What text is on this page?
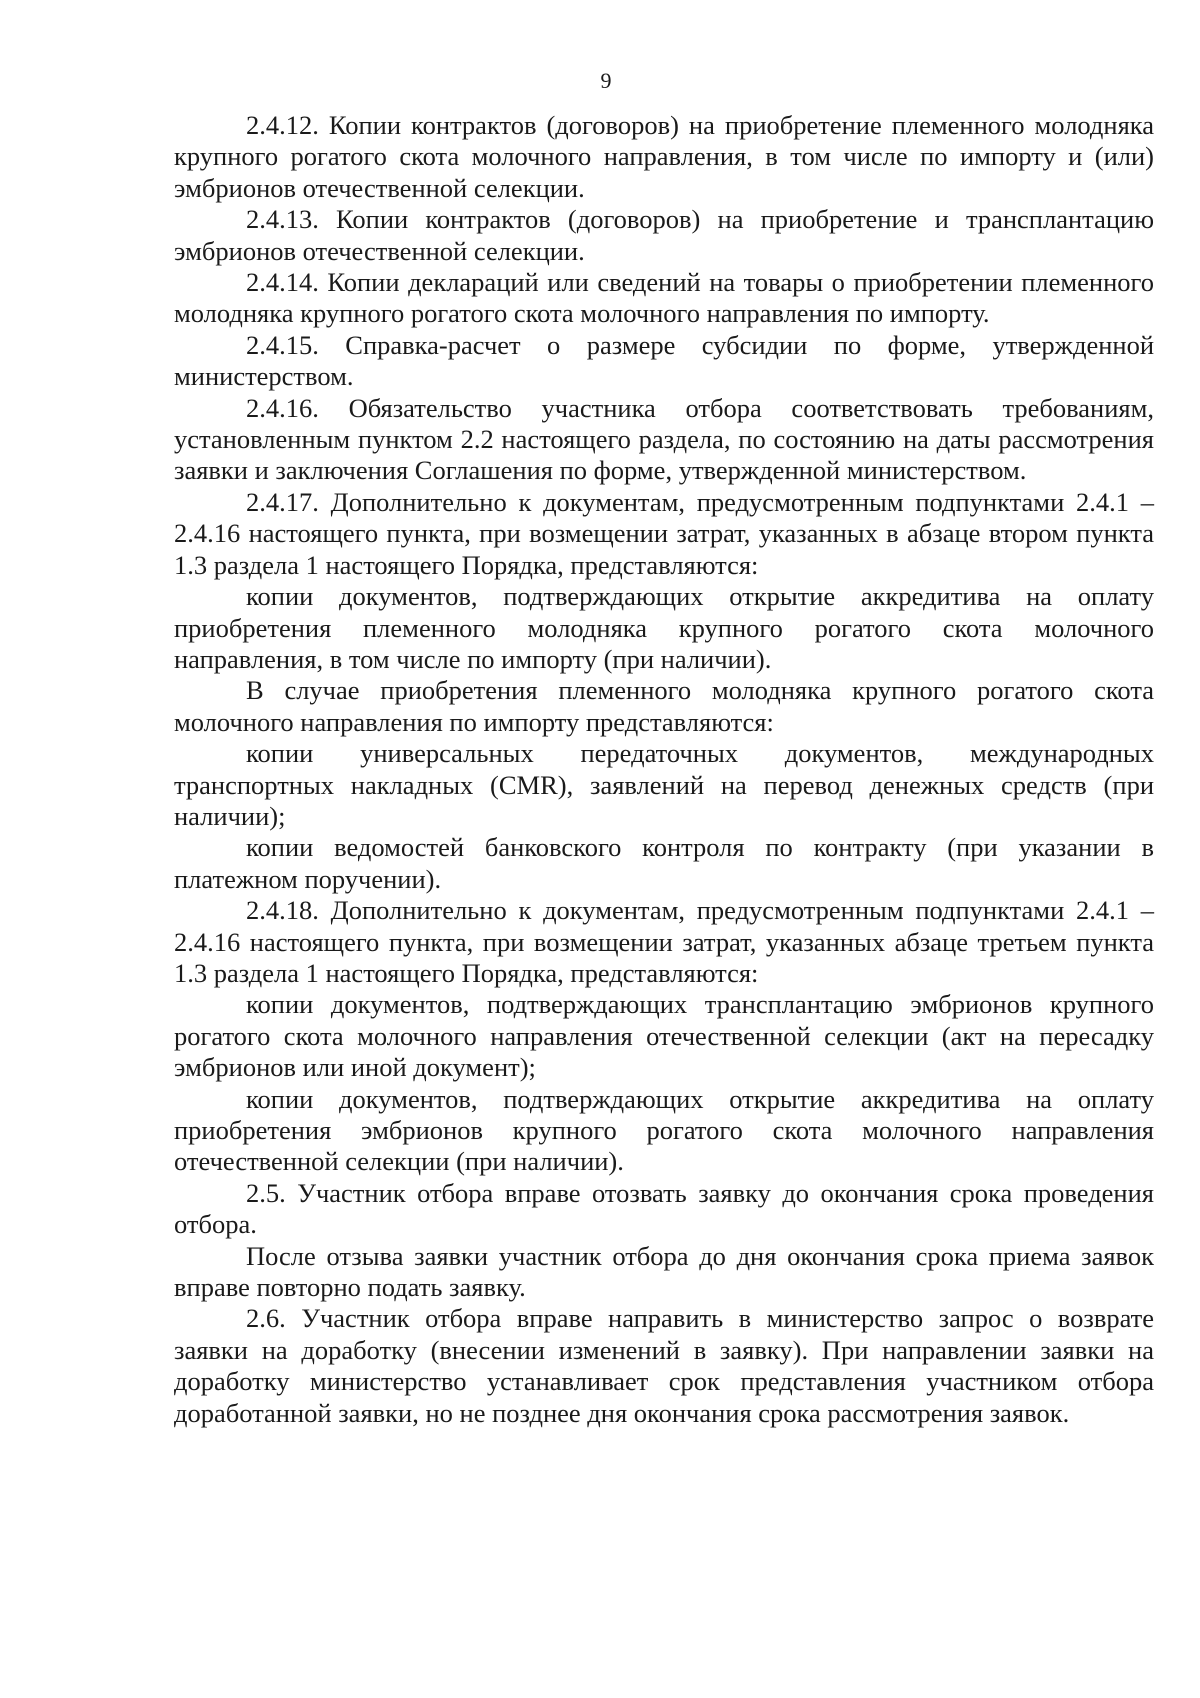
9

2.4.12. Копии контрактов (договоров) на приобретение племенного молодняка крупного рогатого скота молочного направления, в том числе по импорту и (или) эмбрионов отечественной селекции.

2.4.13. Копии контрактов (договоров) на приобретение и трансплантацию эмбрионов отечественной селекции.

2.4.14. Копии деклараций или сведений на товары о приобретении племенного молодняка крупного рогатого скота молочного направления по импорту.

2.4.15. Справка-расчет о размере субсидии по форме, утвержденной министерством.

2.4.16. Обязательство участника отбора соответствовать требованиям, установленным пунктом 2.2 настоящего раздела, по состоянию на даты рассмотрения заявки и заключения Соглашения по форме, утвержденной министерством.

2.4.17. Дополнительно к документам, предусмотренным подпунктами 2.4.1 – 2.4.16 настоящего пункта, при возмещении затрат, указанных в абзаце втором пункта 1.3 раздела 1 настоящего Порядка, представляются:

копии документов, подтверждающих открытие аккредитива на оплату приобретения племенного молодняка крупного рогатого скота молочного направления, в том числе по импорту (при наличии).

В случае приобретения племенного молодняка крупного рогатого скота молочного направления по импорту представляются:

копии универсальных передаточных документов, международных транспортных накладных (CMR), заявлений на перевод денежных средств (при наличии);

копии ведомостей банковского контроля по контракту (при указании в платежном поручении).

2.4.18. Дополнительно к документам, предусмотренным подпунктами 2.4.1 – 2.4.16 настоящего пункта, при возмещении затрат, указанных абзаце третьем пункта 1.3 раздела 1 настоящего Порядка, представляются:

копии документов, подтверждающих трансплантацию эмбрионов крупного рогатого скота молочного направления отечественной селекции (акт на пересадку эмбрионов или иной документ);

копии документов, подтверждающих открытие аккредитива на оплату приобретения эмбрионов крупного рогатого скота молочного направления отечественной селекции (при наличии).

2.5. Участник отбора вправе отозвать заявку до окончания срока проведения отбора.

После отзыва заявки участник отбора до дня окончания срока приема заявок вправе повторно подать заявку.

2.6. Участник отбора вправе направить в министерство запрос о возврате заявки на доработку (внесении изменений в заявку). При направлении заявки на доработку министерство устанавливает срок представления участником отбора доработанной заявки, но не позднее дня окончания срока рассмотрения заявок.
